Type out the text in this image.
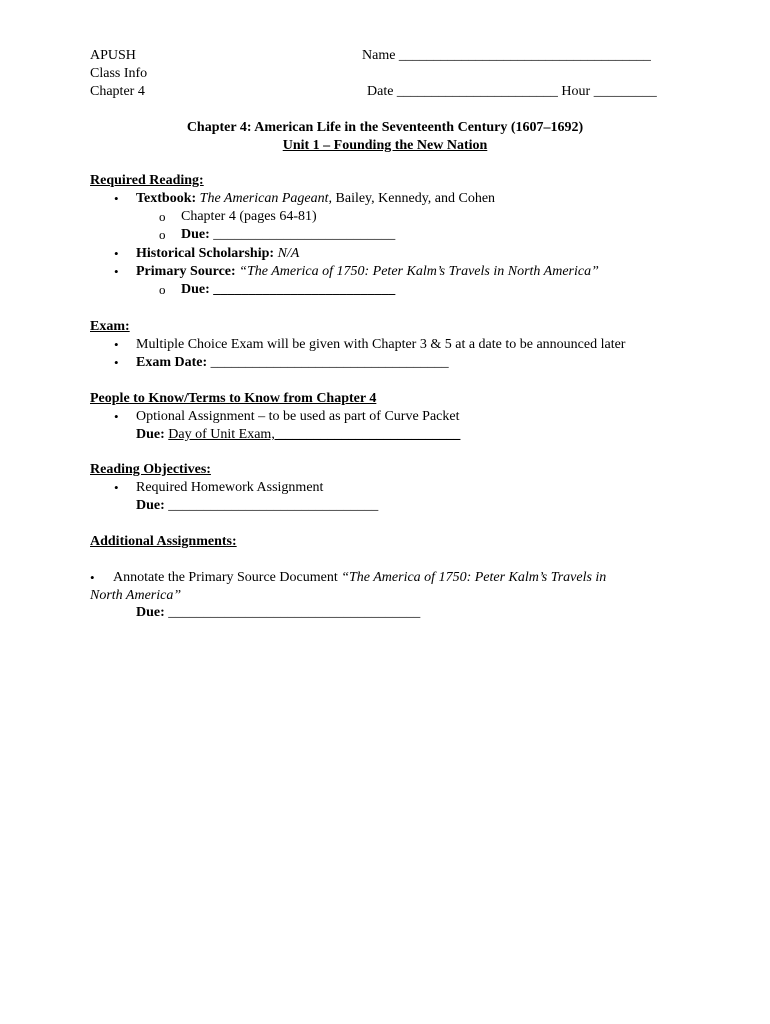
APUSH
Class Info
Chapter 4
Name ____________________________________
Date _______________________ Hour _________
Chapter 4: American Life in the Seventeenth Century (1607–1692)
Unit 1 – Founding the New Nation
Required Reading:
• Textbook: The American Pageant, Bailey, Kennedy, and Cohen
o Chapter 4 (pages 64-81)
o Due: __________________________
• Historical Scholarship: N/A
• Primary Source: “The America of 1750: Peter Kalm’s Travels in North America”
o Due: __________________________
Exam:
• Multiple Choice Exam will be given with Chapter 3 & 5 at a date to be announced later
• Exam Date: __________________________________
People to Know/Terms to Know from Chapter 4
• Optional Assignment – to be used as part of Curve Packet
Due: Day of Unit Exam, __________________________
Reading Objectives:
• Required Homework Assignment
Due: ______________________________
Additional Assignments:
• Annotate the Primary Source Document “The America of 1750: Peter Kalm’s Travels in
North America”
Due: ____________________________________
